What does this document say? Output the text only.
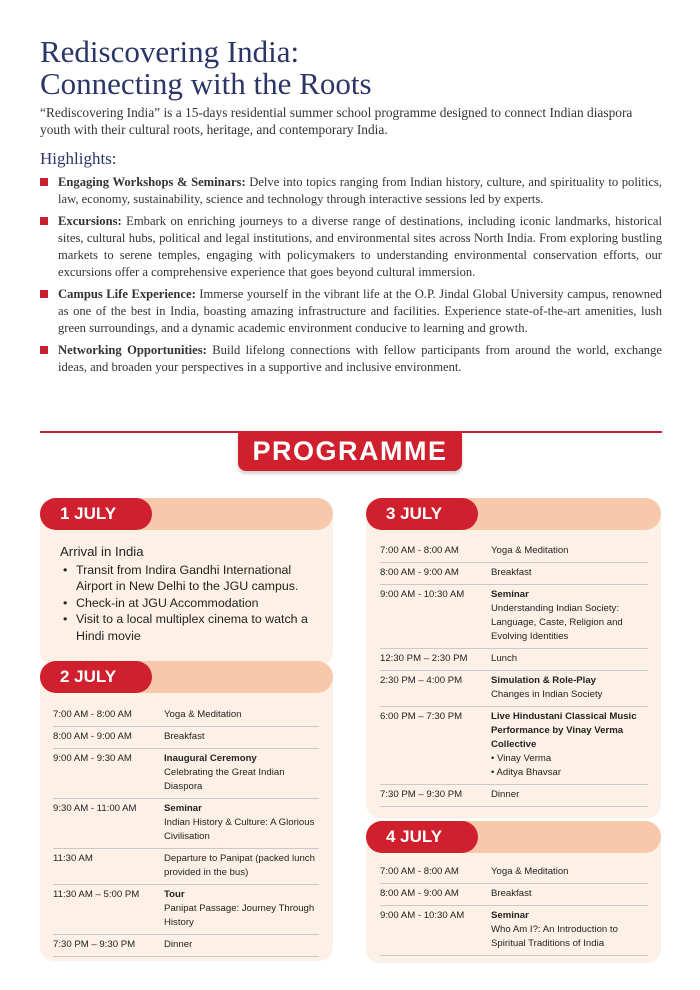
Rediscovering India:
Connecting with the Roots

“Rediscovering India” is a 15-days residential summer school programme designed to connect Indian diaspora youth with their cultural roots, heritage, and contemporary India.

Highlights:
Engaging Workshops & Seminars: Delve into topics ranging from Indian history, culture, and spirituality to politics, law, economy, sustainability, science and technology through interactive sessions led by experts.
Excursions: Embark on enriching journeys to a diverse range of destinations, including iconic landmarks, historical sites, cultural hubs, political and legal institutions, and environmental sites across North India. From exploring bustling markets to serene temples, engaging with policymakers to understanding environmental conservation efforts, our excursions offer a comprehensive experience that goes beyond cultural immersion.
Campus Life Experience: Immerse yourself in the vibrant life at the O.P. Jindal Global University campus, renowned as one of the best in India, boasting amazing infrastructure and facilities. Experience state-of-the-art amenities, lush green surroundings, and a dynamic academic environment conducive to learning and growth.
Networking Opportunities: Build lifelong connections with fellow participants from around the world, exchange ideas, and broaden your perspectives in a supportive and inclusive environment.
PROGRAMME
1 JULY
Arrival in India
• Transit from Indira Gandhi International Airport in New Delhi to the JGU campus.
• Check-in at JGU Accommodation
• Visit to a local multiplex cinema to watch a Hindi movie
2 JULY
7:00 AM - 8:00 AM	Yoga & Meditation
8:00 AM - 9:00 AM	Breakfast
9:00 AM - 9:30 AM	Inaugural Ceremony
Celebrating the Great Indian Diaspora
9:30 AM - 11:00 AM	Seminar
Indian History & Culture: A Glorious Civilisation
11:30 AM	Departure to Panipat (packed lunch provided in the bus)
11:30 AM – 5:00 PM	Tour
Panipat Passage: Journey Through History
7:30 PM – 9:30 PM	Dinner
3 JULY
7:00 AM - 8:00 AM	Yoga & Meditation
8:00 AM - 9:00 AM	Breakfast
9:00 AM - 10:30 AM	Seminar
Understanding Indian Society: Language, Caste, Religion and Evolving Identities
12:30 PM – 2:30 PM	Lunch
2:30 PM – 4:00 PM	Simulation & Role-Play
Changes in Indian Society
6:00 PM – 7:30 PM	Live Hindustani Classical Music Performance by Vinay Verma Collective
• Vinay Verma
• Aditya Bhavsar
7:30 PM – 9:30 PM	Dinner
4 JULY
7:00 AM - 8:00 AM	Yoga & Meditation
8:00 AM - 9:00 AM	Breakfast
9:00 AM - 10:30 AM	Seminar
Who Am I?: An Introduction to Spiritual Traditions of India
